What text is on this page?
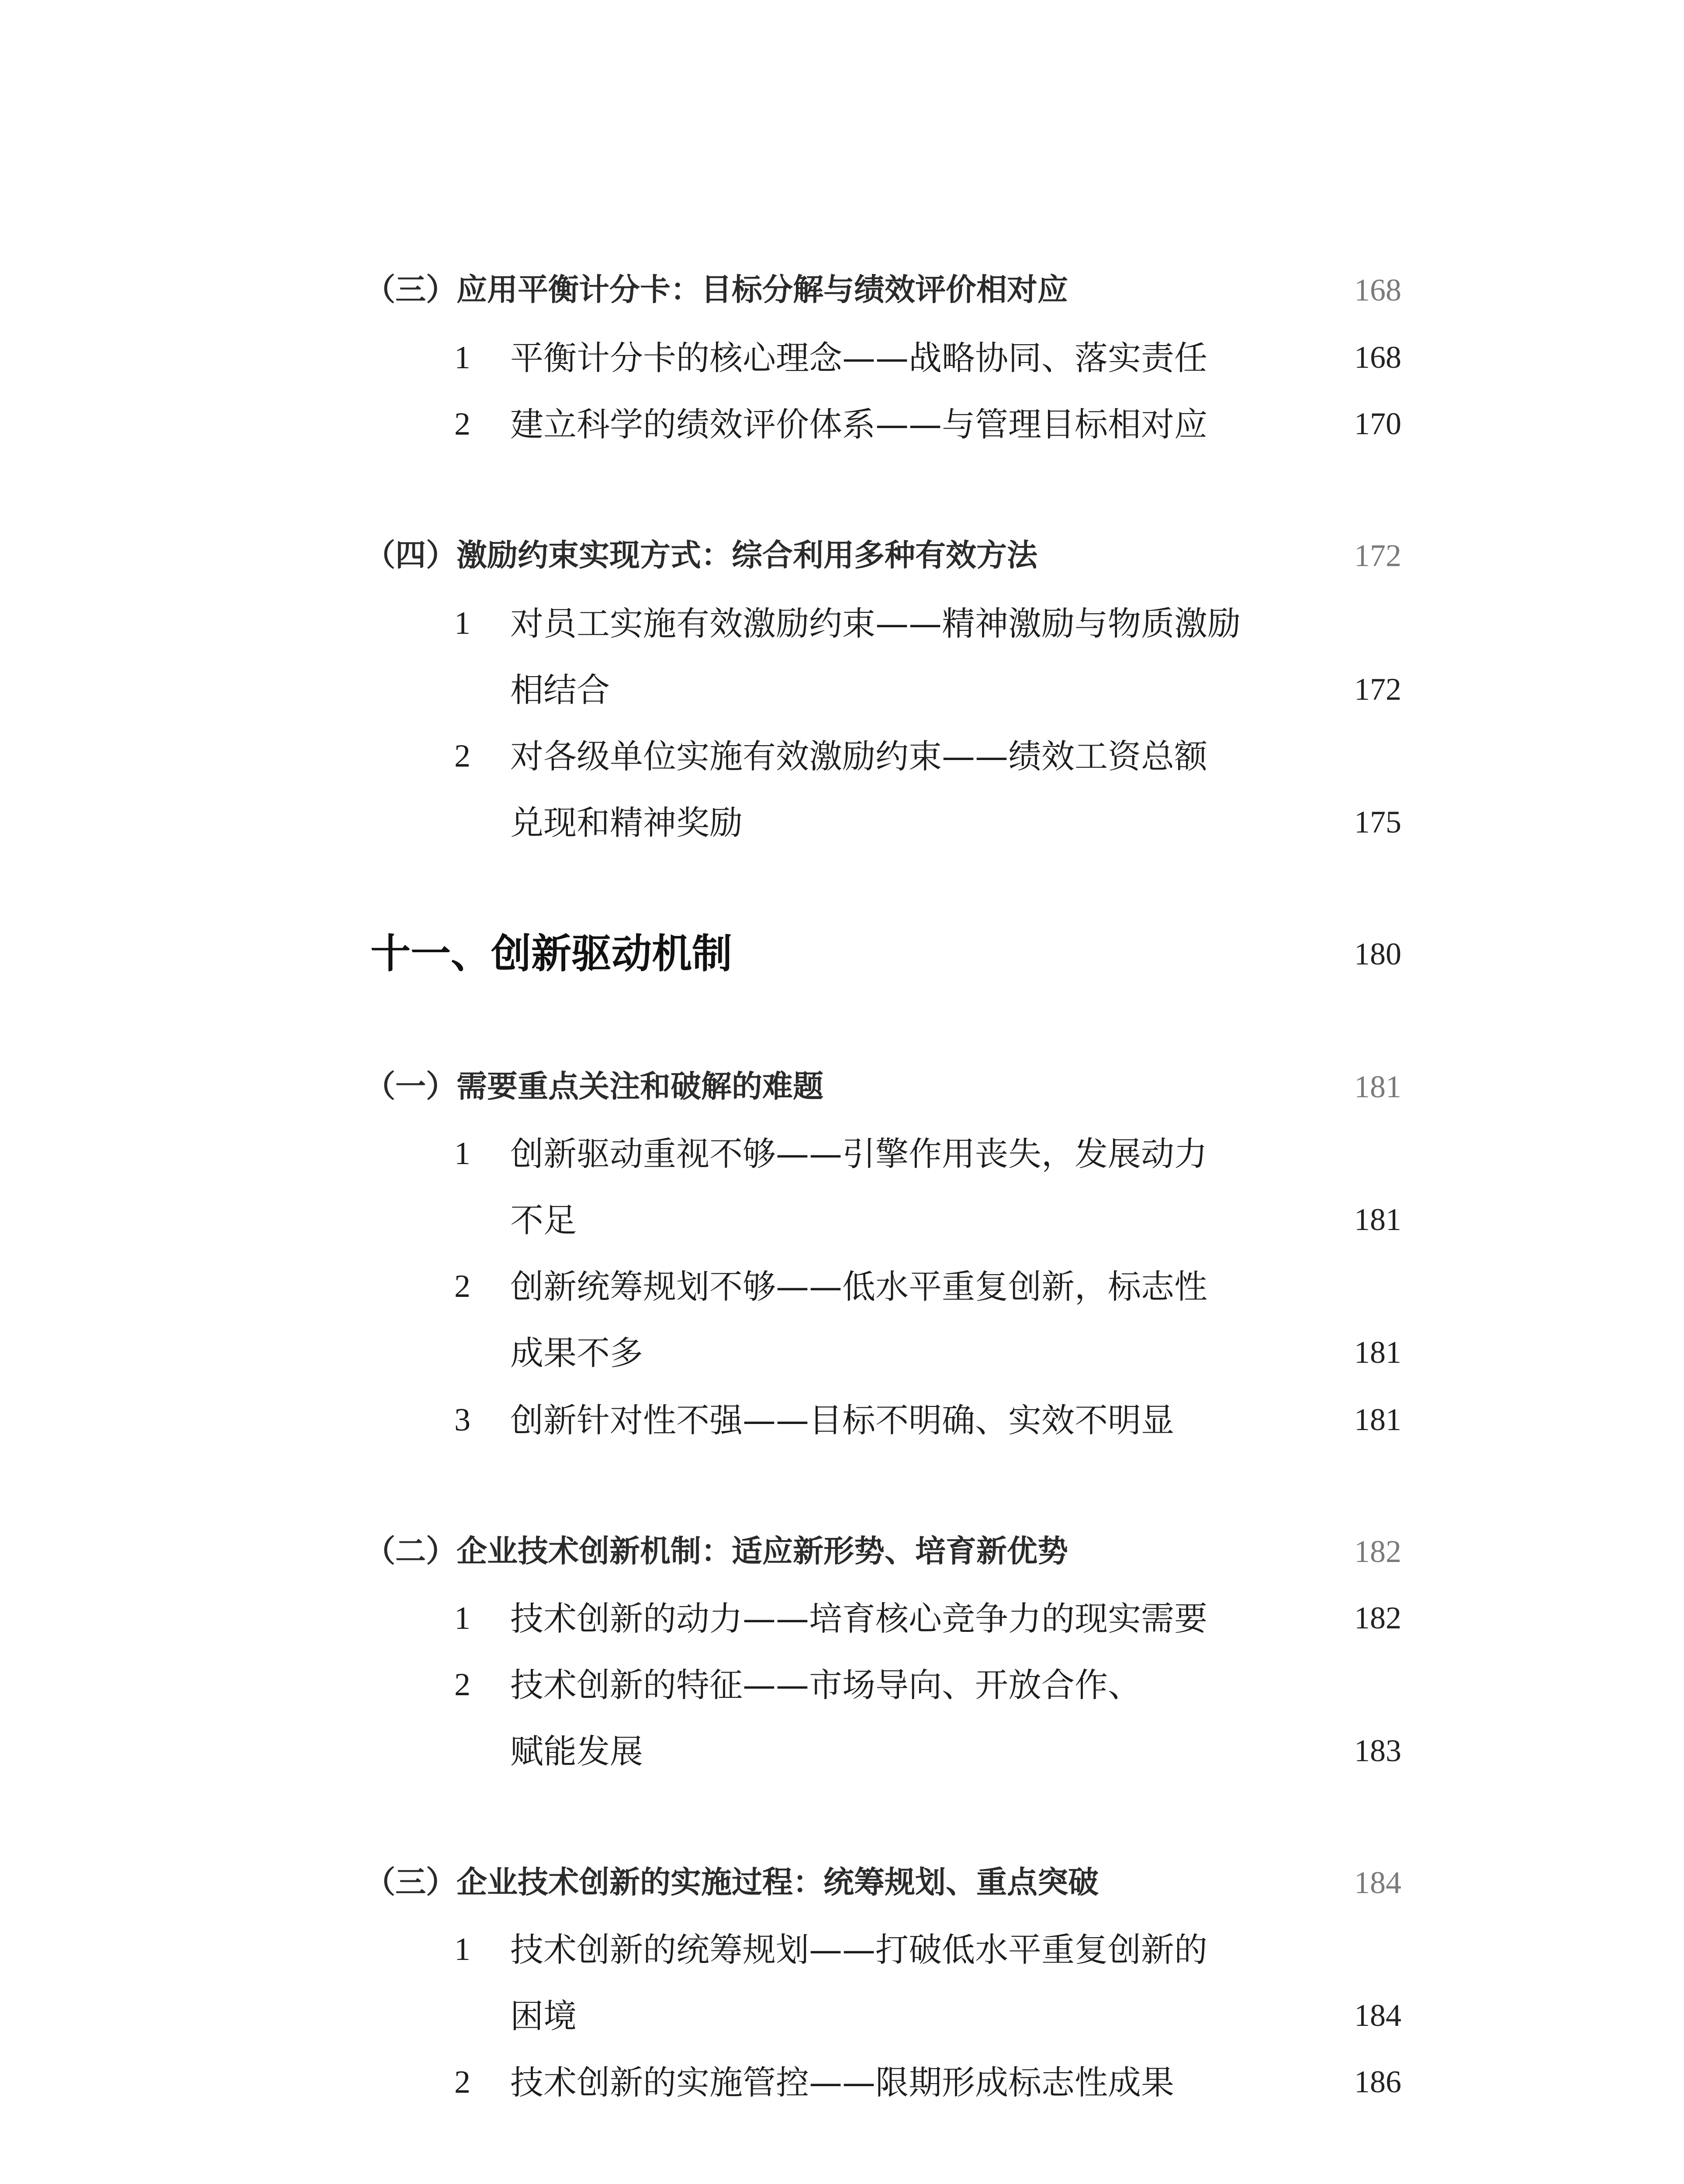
（三）应用平衡计分卡：目标分解与绩效评价相对应	168
1 平衡计分卡的核心理念——战略协同、落实责任	168
2 建立科学的绩效评价体系——与管理目标相对应	170
（四）激励约束实现方式：综合利用多种有效方法	172
1 对员工实施有效激励约束——精神激励与物质激励
相结合	172
2 对各级单位实施有效激励约束——绩效工资总额
兑现和精神奖励	175
十一、创新驱动机制	180
（一）需要重点关注和破解的难题	181
1 创新驱动重视不够——引擎作用丧失，发展动力
不足	181
2 创新统筹规划不够——低水平重复创新，标志性
成果不多	181
3 创新针对性不强——目标不明确、实效不明显	181
（二）企业技术创新机制：适应新形势、培育新优势	182
1 技术创新的动力——培育核心竞争力的现实需要	182
2 技术创新的特征——市场导向、开放合作、
赋能发展	183
（三）企业技术创新的实施过程：统筹规划、重点突破	184
1 技术创新的统筹规划——打破低水平重复创新的
困境	184
2 技术创新的实施管控——限期形成标志性成果	186
